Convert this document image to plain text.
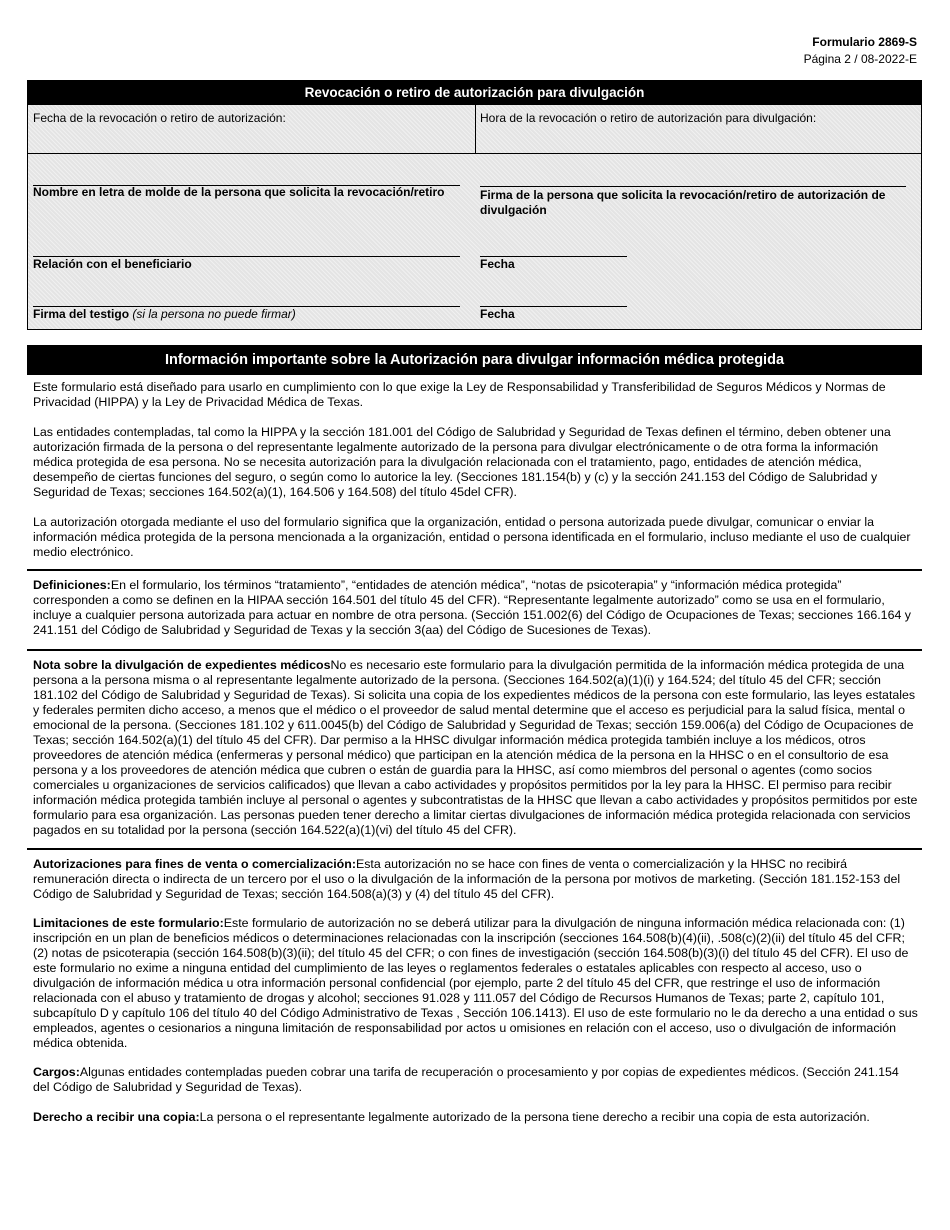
Formulario 2869-S
Página 2 / 08-2022-E
Revocación o retiro de autorización para divulgación
Fecha de la revocación o retiro de autorización:	Hora de la revocación o retiro de autorización para divulgación:
Nombre en letra de molde de la persona que solicita la revocación/retiro	Firma de la persona que solicita la revocación/retiro de autorización de divulgación
Relación con el beneficiario	Fecha
Firma del testigo (si la persona no puede firmar)	Fecha
Información importante sobre la Autorización para divulgar información médica protegida

Este formulario está diseñado para usarlo en cumplimiento con lo que exige la Ley de Responsabilidad y Transferibilidad de Seguros Médicos y Normas de Privacidad (HIPPA) y la Ley de Privacidad Médica de Texas.

Las entidades contempladas, tal como la HIPPA y la sección 181.001 del Código de Salubridad y Seguridad de Texas definen el término, deben obtener una autorización firmada de la persona o del representante legalmente autorizado de la persona para divulgar electrónicamente o de otra forma la información médica protegida de esa persona. No se necesita autorización para la divulgación relacionada con el tratamiento, pago, entidades de atención médica, desempeño de ciertas funciones del seguro, o según como lo autorice la ley. (Secciones 181.154(b) y (c) y la sección 241.153 del Código de Salubridad y Seguridad de Texas; secciones 164.502(a)(1), 164.506 y 164.508) del título 45del CFR).

La autorización otorgada mediante el uso del formulario significa que la organización, entidad o persona autorizada puede divulgar, comunicar o enviar la información médica protegida de la persona mencionada a la organización, entidad o persona identificada en el formulario, incluso mediante el uso de cualquier medio electrónico.

Definiciones:En el formulario, los términos “tratamiento”, “entidades de atención médica”, “notas de psicoterapia” y “información médica protegida” corresponden a como se definen en la HIPAA sección 164.501 del título 45 del CFR). “Representante legalmente autorizado” como se usa en el formulario, incluye a cualquier persona autorizada para actuar en nombre de otra persona. (Sección 151.002(6) del Código de Ocupaciones de Texas; secciones 166.164 y 241.151 del Código de Salubridad y Seguridad de Texas y la sección 3(aa) del Código de Sucesiones de Texas).

Nota sobre la divulgación de expedientes médicosNo es necesario este formulario para la divulgación permitida de la información médica protegida de una persona a la persona misma o al representante legalmente autorizado de la persona. (Secciones 164.502(a)(1)(i) y 164.524; del título 45 del CFR; sección 181.102 del Código de Salubridad y Seguridad de Texas). Si solicita una copia de los expedientes médicos de la persona con este formulario, las leyes estatales y federales permiten dicho acceso, a menos que el médico o el proveedor de salud mental determine que el acceso es perjudicial para la salud física, mental o emocional de la persona. (Secciones 181.102 y 611.0045(b) del Código de Salubridad y Seguridad de Texas; sección 159.006(a) del Código de Ocupaciones de Texas; sección 164.502(a)(1) del título 45 del CFR). Dar permiso a la HHSC divulgar información médica protegida también incluye a los médicos, otros proveedores de atención médica (enfermeras y personal médico) que participan en la atención médica de la persona en la HHSC o en el consultorio de esa persona y a los proveedores de atención médica que cubren o están de guardia para la HHSC, así como miembros del personal o agentes (como socios comerciales u organizaciones de servicios calificados) que llevan a cabo actividades y propósitos permitidos por la ley para la HHSC. El permiso para recibir información médica protegida también incluye al personal o agentes y subcontratistas de la HHSC que llevan a cabo actividades y propósitos permitidos por este formulario para esa organización. Las personas pueden tener derecho a limitar ciertas divulgaciones de información médica protegida relacionada con servicios pagados en su totalidad por la persona (sección 164.522(a)(1)(vi) del título 45 del CFR).

Autorizaciones para fines de venta o comercialización:Esta autorización no se hace con fines de venta o comercialización y la HHSC no recibirá remuneración directa o indirecta de un tercero por el uso o la divulgación de la información de la persona por motivos de marketing. (Sección 181.152-153 del Código de Salubridad y Seguridad de Texas; sección 164.508(a)(3) y (4) del título 45 del CFR).

Limitaciones de este formulario:Este formulario de autorización no se deberá utilizar para la divulgación de ninguna información médica relacionada con: (1) inscripción en un plan de beneficios médicos o determinaciones relacionadas con la inscripción (secciones 164.508(b)(4)(ii), .508(c)(2)(ii) del título 45 del CFR; (2) notas de psicoterapia (sección 164.508(b)(3)(ii); del título 45 del CFR; o con fines de investigación (sección 164.508(b)(3)(i) del título 45 del CFR). El uso de este formulario no exime a ninguna entidad del cumplimiento de las leyes o reglamentos federales o estatales aplicables con respecto al acceso, uso o divulgación de información médica u otra información personal confidencial (por ejemplo, parte 2 del título 45 del CFR, que restringe el uso de información relacionada con el abuso y tratamiento de drogas y alcohol; secciones 91.028 y 111.057 del Código de Recursos Humanos de Texas; parte 2, capítulo 101, subcapítulo D y capítulo 106 del título 40 del Código Administrativo de Texas , Sección 106.1413). El uso de este formulario no le da derecho a una entidad o sus empleados, agentes o cesionarios a ninguna limitación de responsabilidad por actos u omisiones en relación con el acceso, uso o divulgación de información médica obtenida.

Cargos:Algunas entidades contempladas pueden cobrar una tarifa de recuperación o procesamiento y por copias de expedientes médicos. (Sección 241.154 del Código de Salubridad y Seguridad de Texas).

Derecho a recibir una copia:La persona o el representante legalmente autorizado de la persona tiene derecho a recibir una copia de esta autorización.
